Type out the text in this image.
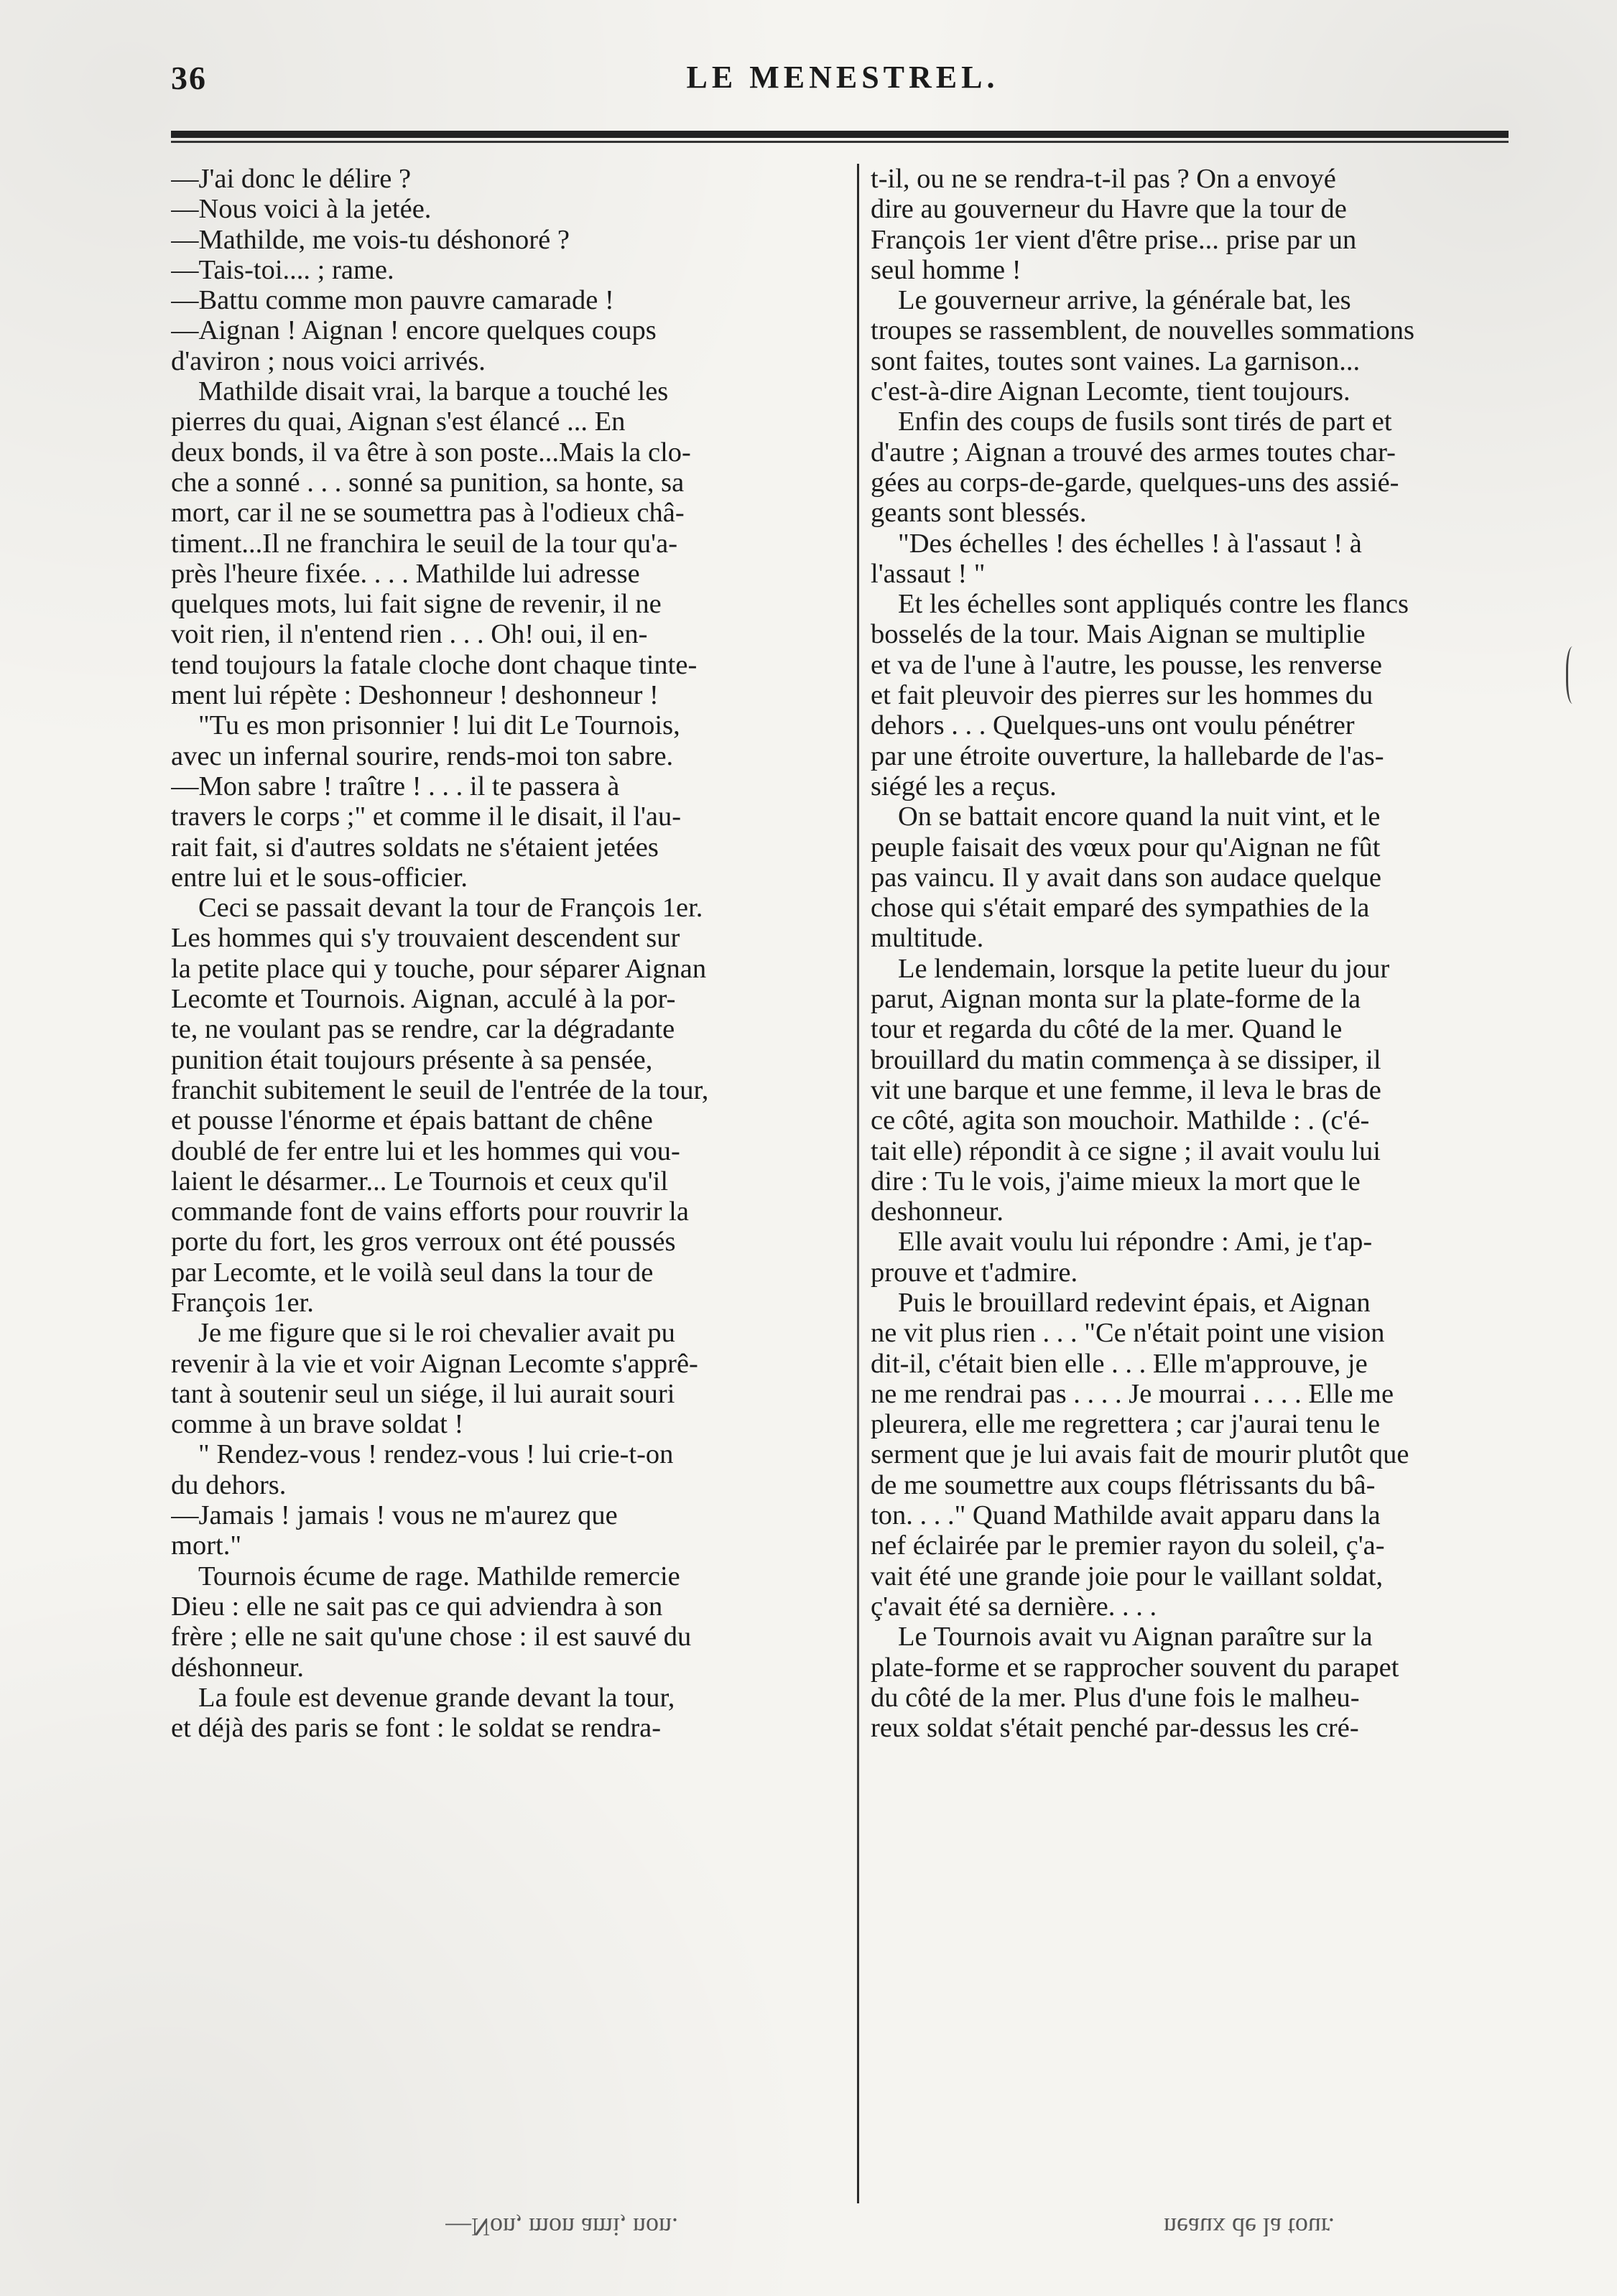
36	LE MENESTREL.

—J'ai donc le délire ?

—Nous voici à la jetée.

—Mathilde, me vois-tu déshonoré ?

—Tais-toi.... ; rame.

—Battu comme mon pauvre camarade !

—Aignan ! Aignan ! encore quelques coups

d'aviron ; nous voici arrivés.

Mathilde disait vrai, la barque a touché les

pierres du quai, Aignan s'est élancé ... En

deux bonds, il va être à son poste...Mais la clo-

che a sonné . . . sonné sa punition, sa honte, sa

mort, car il ne se soumettra pas à l'odieux châ-

timent...Il ne franchira le seuil de la tour qu'a-

près l'heure fixée. . . . Mathilde lui adresse

quelques mots, lui fait signe de revenir, il ne

voit rien, il n'entend rien . . . Oh! oui, il en-

tend toujours la fatale cloche dont chaque tinte-

ment lui répète : Deshonneur ! deshonneur !

"Tu es mon prisonnier ! lui dit Le Tournois,

avec un infernal sourire, rends-moi ton sabre.

—Mon sabre ! traître ! . . . il te passera à

travers le corps ;" et comme il le disait, il l'au-

rait fait, si d'autres soldats ne s'étaient jetées

entre lui et le sous-officier.

Ceci se passait devant la tour de François 1er.

Les hommes qui s'y trouvaient descendent sur

la petite place qui y touche, pour séparer Aignan

Lecomte et Tournois. Aignan, acculé à la por-

te, ne voulant pas se rendre, car la dégradante

punition était toujours présente à sa pensée,

franchit subitement le seuil de l'entrée de la tour,

et pousse l'énorme et épais battant de chêne

doublé de fer entre lui et les hommes qui vou-

laient le désarmer... Le Tournois et ceux qu'il

commande font de vains efforts pour rouvrir la

porte du fort, les gros verroux ont été poussés

par Lecomte, et le voilà seul dans la tour de

François 1er.

Je me figure que si le roi chevalier avait pu

revenir à la vie et voir Aignan Lecomte s'apprê-

tant à soutenir seul un siége, il lui aurait souri

comme à un brave soldat !

" Rendez-vous ! rendez-vous ! lui crie-t-on

du dehors.

—Jamais ! jamais ! vous ne m'aurez que

mort."

Tournois écume de rage. Mathilde remercie

Dieu : elle ne sait pas ce qui adviendra à son

frère ; elle ne sait qu'une chose : il est sauvé du

déshonneur.

La foule est devenue grande devant la tour,

et déjà des paris se font : le soldat se rendra-

t-il, ou ne se rendra-t-il pas ? On a envoyé

dire au gouverneur du Havre que la tour de

François 1er vient d'être prise... prise par un

seul homme !

Le gouverneur arrive, la générale bat, les

troupes se rassemblent, de nouvelles sommations

sont faites, toutes sont vaines. La garnison...

c'est-à-dire Aignan Lecomte, tient toujours.

Enfin des coups de fusils sont tirés de part et

d'autre ; Aignan a trouvé des armes toutes char-

gées au corps-de-garde, quelques-uns des assié-

geants sont blessés.

"Des échelles ! des échelles ! à l'assaut ! à

l'assaut ! "

Et les échelles sont appliqués contre les flancs

bosselés de la tour. Mais Aignan se multiplie

et va de l'une à l'autre, les pousse, les renverse

et fait pleuvoir des pierres sur les hommes du

dehors . . . Quelques-uns ont voulu pénétrer

par une étroite ouverture, la hallebarde de l'as-

siégé les a reçus.

On se battait encore quand la nuit vint, et le

peuple faisait des vœux pour qu'Aignan ne fût

pas vaincu. Il y avait dans son audace quelque

chose qui s'était emparé des sympathies de la

multitude.

Le lendemain, lorsque la petite lueur du jour

parut, Aignan monta sur la plate-forme de la

tour et regarda du côté de la mer. Quand le

brouillard du matin commença à se dissiper, il

vit une barque et une femme, il leva le bras de

ce côté, agita son mouchoir. Mathilde : . (c'é-

tait elle) répondit à ce signe ; il avait voulu lui

dire : Tu le vois, j'aime mieux la mort que le

deshonneur.

Elle avait voulu lui répondre : Ami, je t'ap-

prouve et t'admire.

Puis le brouillard redevint épais, et Aignan

ne vit plus rien . . . "Ce n'était point une vision

dit-il, c'était bien elle . . . Elle m'approuve, je

ne me rendrai pas . . . . Je mourrai . . . . Elle me

pleurera, elle me regrettera ; car j'aurai tenu le

serment que je lui avais fait de mourir plutôt que

de me soumettre aux coups flétrissants du bâ-

ton. . . ." Quand Mathilde avait apparu dans la

nef éclairée par le premier rayon du soleil, ç'a-

vait été une grande joie pour le vaillant soldat,

ç'avait été sa dernière. . . .

Le Tournois avait vu Aignan paraître sur la

plate-forme et se rapprocher souvent du parapet

du côté de la mer. Plus d'une fois le malheu-

reux soldat s'était penché par-dessus les cré-

—Non, mon ami, non.	neaux de la tour.
